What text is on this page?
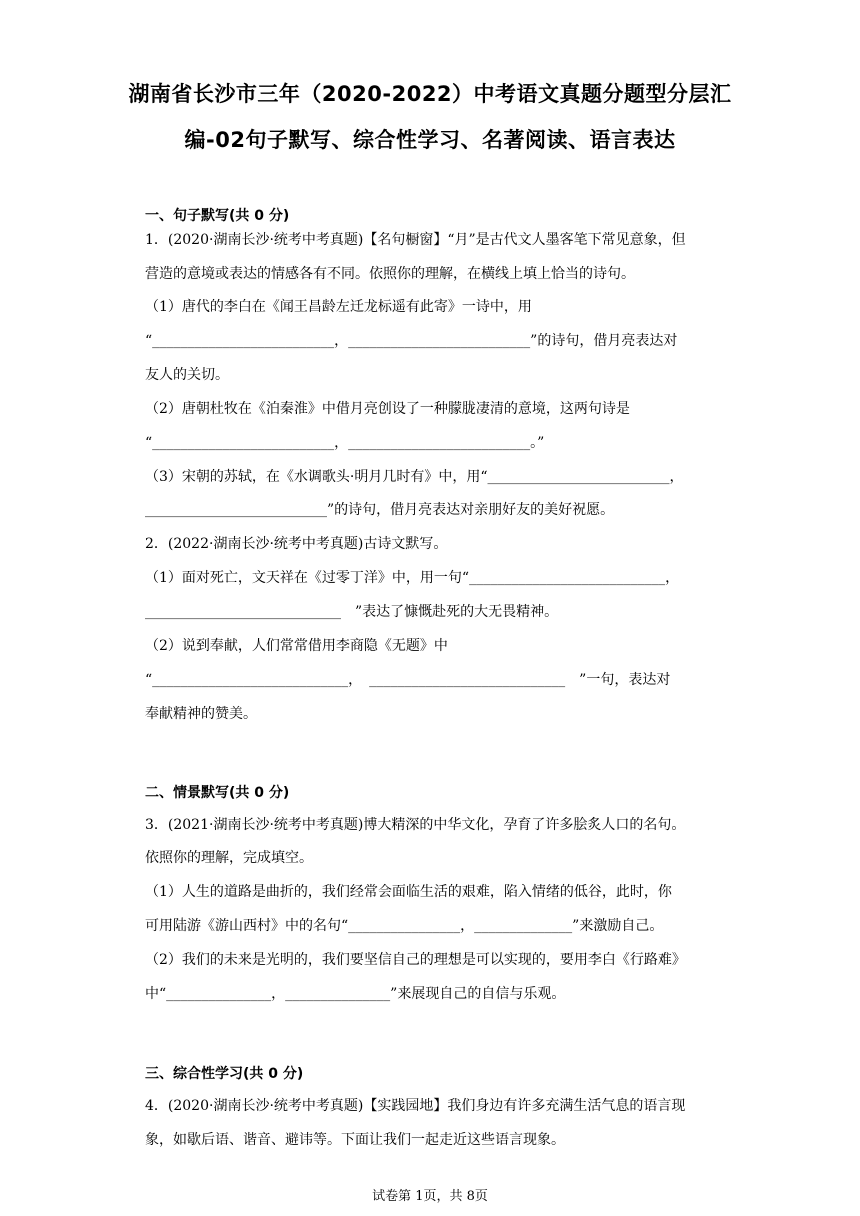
湖南省长沙市三年（2020-2022）中考语文真题分题型分层汇
编-02句子默写、综合性学习、名著阅读、语言表达
一、句子默写(共 0 分)
1．(2020·湖南长沙·统考中考真题)【名句橱窗】“月”是古代文人墨客笔下常见意象，但
营造的意境或表达的情感各有不同。依照你的理解，在横线上填上恰当的诗句。
（1）唐代的李白在《闻王昌龄左迁龙标遥有此寄》一诗中，用
“__________________________，__________________________”的诗句，借月亮表达对
友人的关切。
（2）唐朝杜牧在《泊秦淮》中借月亮创设了一种朦胧凄清的意境，这两句诗是
“__________________________，__________________________。”
（3）宋朝的苏轼，在《水调歌头·明月几时有》中，用“__________________________，
__________________________”的诗句，借月亮表达对亲朋好友的美好祝愿。
2．(2022·湖南长沙·统考中考真题)古诗文默写。
（1）面对死亡，文天祥在《过零丁洋》中，用一句“____________________________，
____________________________　”表达了慷慨赴死的大无畏精神。
（2）说到奉献，人们常常借用李商隐《无题》中
“____________________________，　____________________________　”一句，表达对
奉献精神的赞美。
二、情景默写(共 0 分)
3．(2021·湖南长沙·统考中考真题)博大精深的中华文化，孕育了许多脍炙人口的名句。
依照你的理解，完成填空。
（1）人生的道路是曲折的，我们经常会面临生活的艰难，陷入情绪的低谷，此时，你
可用陆游《游山西村》中的名句“________________，______________”来激励自己。
（2）我们的未来是光明的，我们要坚信自己的理想是可以实现的，要用李白《行路难》
中“_______________，_______________”来展现自己的自信与乐观。
三、综合性学习(共 0 分)
4．(2020·湖南长沙·统考中考真题)【实践园地】我们身边有许多充满生活气息的语言现
象，如歇后语、谐音、避讳等。下面让我们一起走近这些语言现象。
试卷第 1页，共 8页
